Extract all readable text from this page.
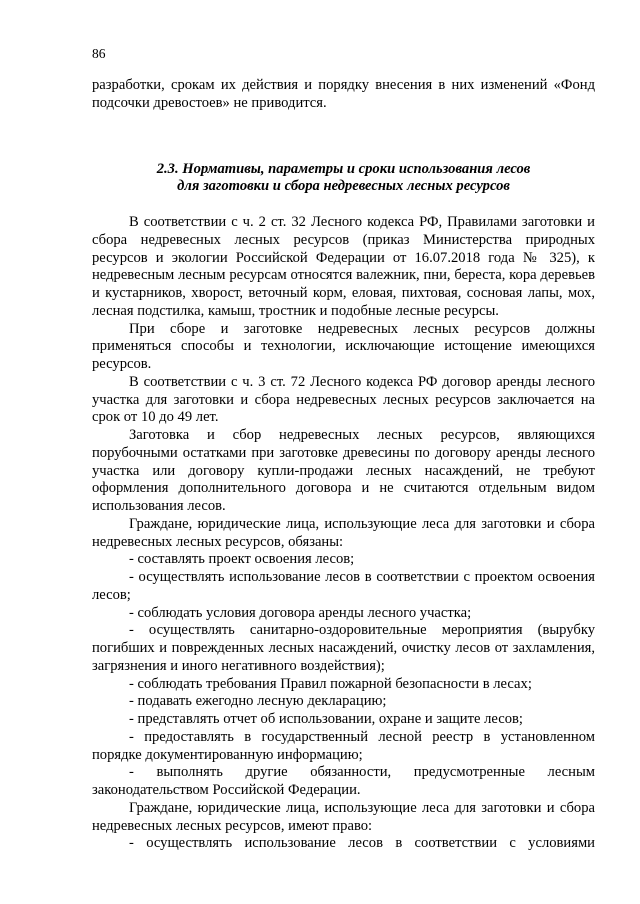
86

разработки, срокам их действия и порядку внесения в них изменений «Фонд подсочки древостоев» не приводится.

2.3. Нормативы, параметры и сроки использования лесов
для заготовки и сбора недревесных лесных ресурсов

В соответствии с ч. 2 ст. 32 Лесного кодекса РФ, Правилами заготовки и сбора недревесных лесных ресурсов (приказ Министерства природных ресурсов и экологии Российской Федерации от 16.07.2018 года № 325), к недревесным лесным ресурсам относятся валежник, пни, береста, кора деревьев и кустарников, хворост, веточный корм, еловая, пихтовая, сосновая лапы, мох, лесная подстилка, камыш, тростник и подобные лесные ресурсы.

При сборе и заготовке недревесных лесных ресурсов должны применяться способы и технологии, исключающие истощение имеющихся ресурсов.

В соответствии с ч. 3 ст. 72 Лесного кодекса РФ договор аренды лесного участка для заготовки и сбора недревесных лесных ресурсов заключается на срок от 10 до 49 лет.

Заготовка и сбор недревесных лесных ресурсов, являющихся порубочными остатками при заготовке древесины по договору аренды лесного участка или договору купли-продажи лесных насаждений, не требуют оформления дополнительного договора и не считаются отдельным видом использования лесов.

Граждане, юридические лица, использующие леса для заготовки и сбора недревесных лесных ресурсов, обязаны:

- составлять проект освоения лесов;

- осуществлять использование лесов в соответствии с проектом освоения лесов;

- соблюдать условия договора аренды лесного участка;

- осуществлять санитарно-оздоровительные мероприятия (вырубку погибших и поврежденных лесных насаждений, очистку лесов от захламления, загрязнения и иного негативного воздействия);

- соблюдать требования Правил пожарной безопасности в лесах;

- подавать ежегодно лесную декларацию;

- представлять отчет об использовании, охране и защите лесов;

- предоставлять в государственный лесной реестр в установленном порядке документированную информацию;

- выполнять другие обязанности, предусмотренные лесным законодательством Российской Федерации.

Граждане, юридические лица, использующие леса для заготовки и сбора недревесных лесных ресурсов, имеют право:

- осуществлять использование лесов в соответствии с условиями
